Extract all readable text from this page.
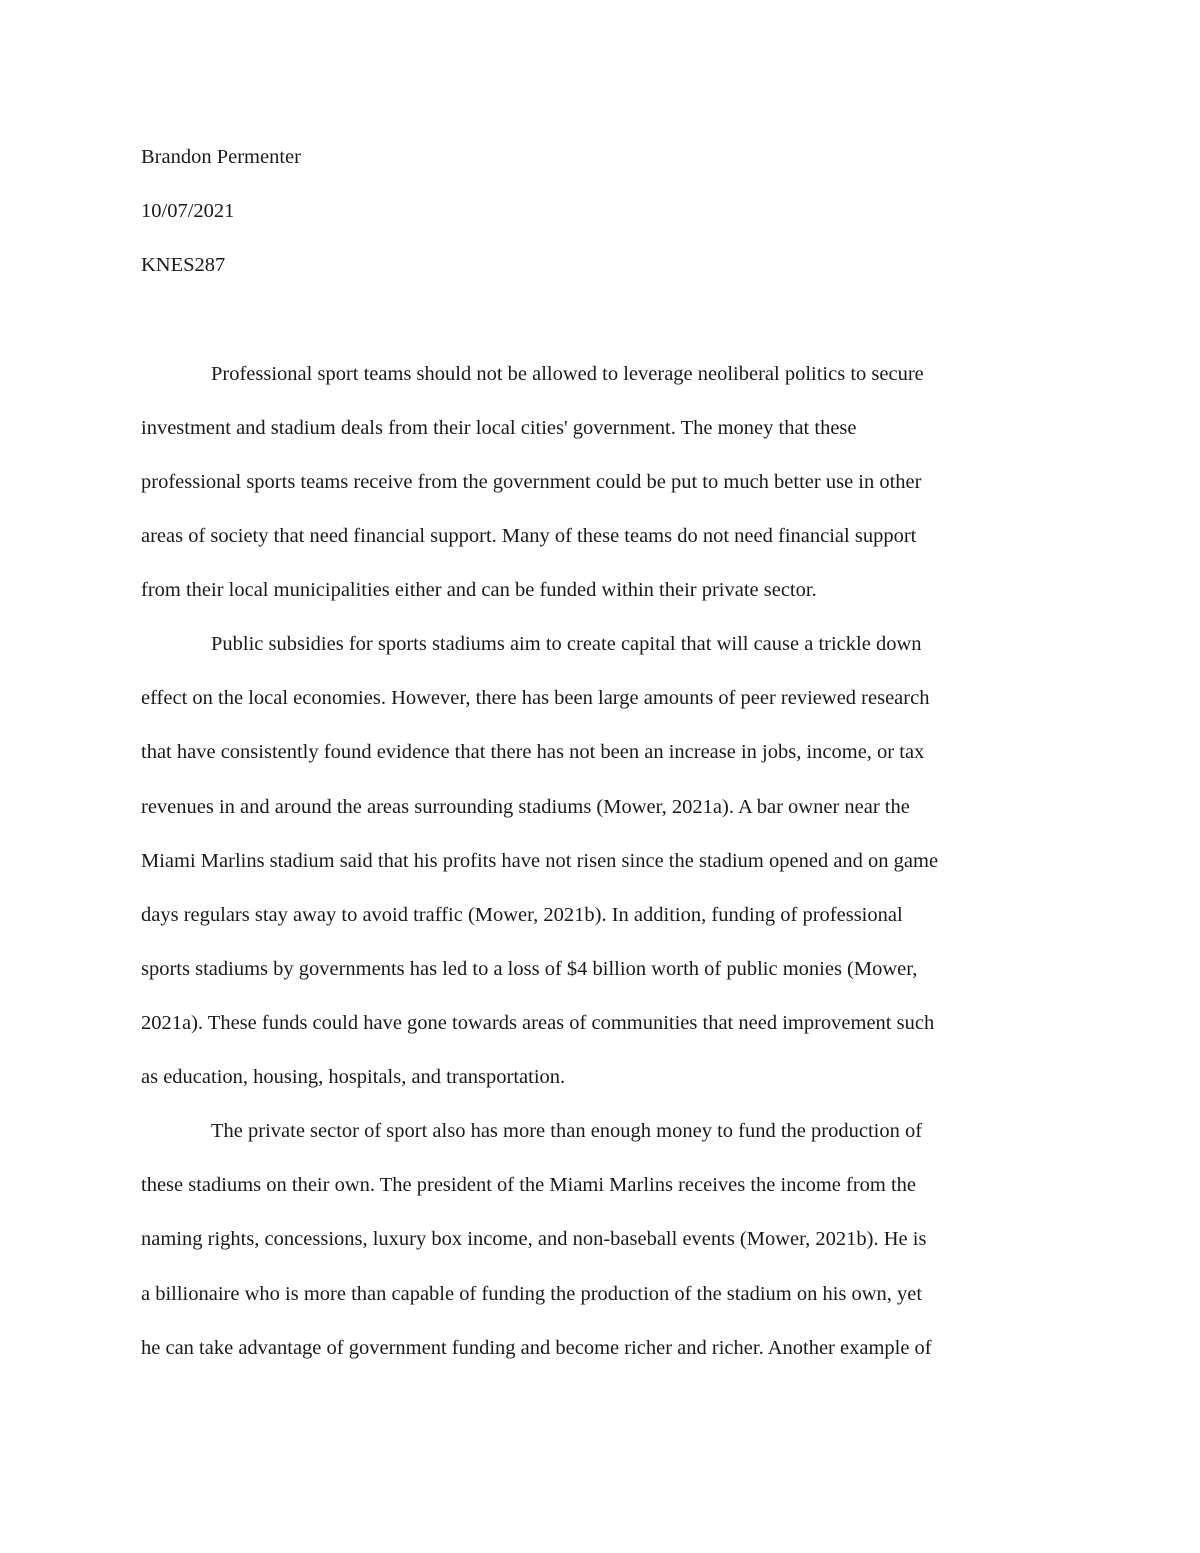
Brandon Permenter
10/07/2021
KNES287
Professional sport teams should not be allowed to leverage neoliberal politics to secure
investment and stadium deals from their local cities' government. The money that these
professional sports teams receive from the government could be put to much better use in other
areas of society that need financial support. Many of these teams do not need financial support
from their local municipalities either and can be funded within their private sector.
Public subsidies for sports stadiums aim to create capital that will cause a trickle down
effect on the local economies. However, there has been large amounts of peer reviewed research
that have consistently found evidence that there has not been an increase in jobs, income, or tax
revenues in and around the areas surrounding stadiums (Mower, 2021a). A bar owner near the
Miami Marlins stadium said that his profits have not risen since the stadium opened and on game
days regulars stay away to avoid traffic (Mower, 2021b). In addition, funding of professional
sports stadiums by governments has led to a loss of $4 billion worth of public monies (Mower,
2021a). These funds could have gone towards areas of communities that need improvement such
as education, housing, hospitals, and transportation.
The private sector of sport also has more than enough money to fund the production of
these stadiums on their own. The president of the Miami Marlins receives the income from the
naming rights, concessions, luxury box income, and non-baseball events (Mower, 2021b). He is
a billionaire who is more than capable of funding the production of the stadium on his own, yet
he can take advantage of government funding and become richer and richer. Another example of
